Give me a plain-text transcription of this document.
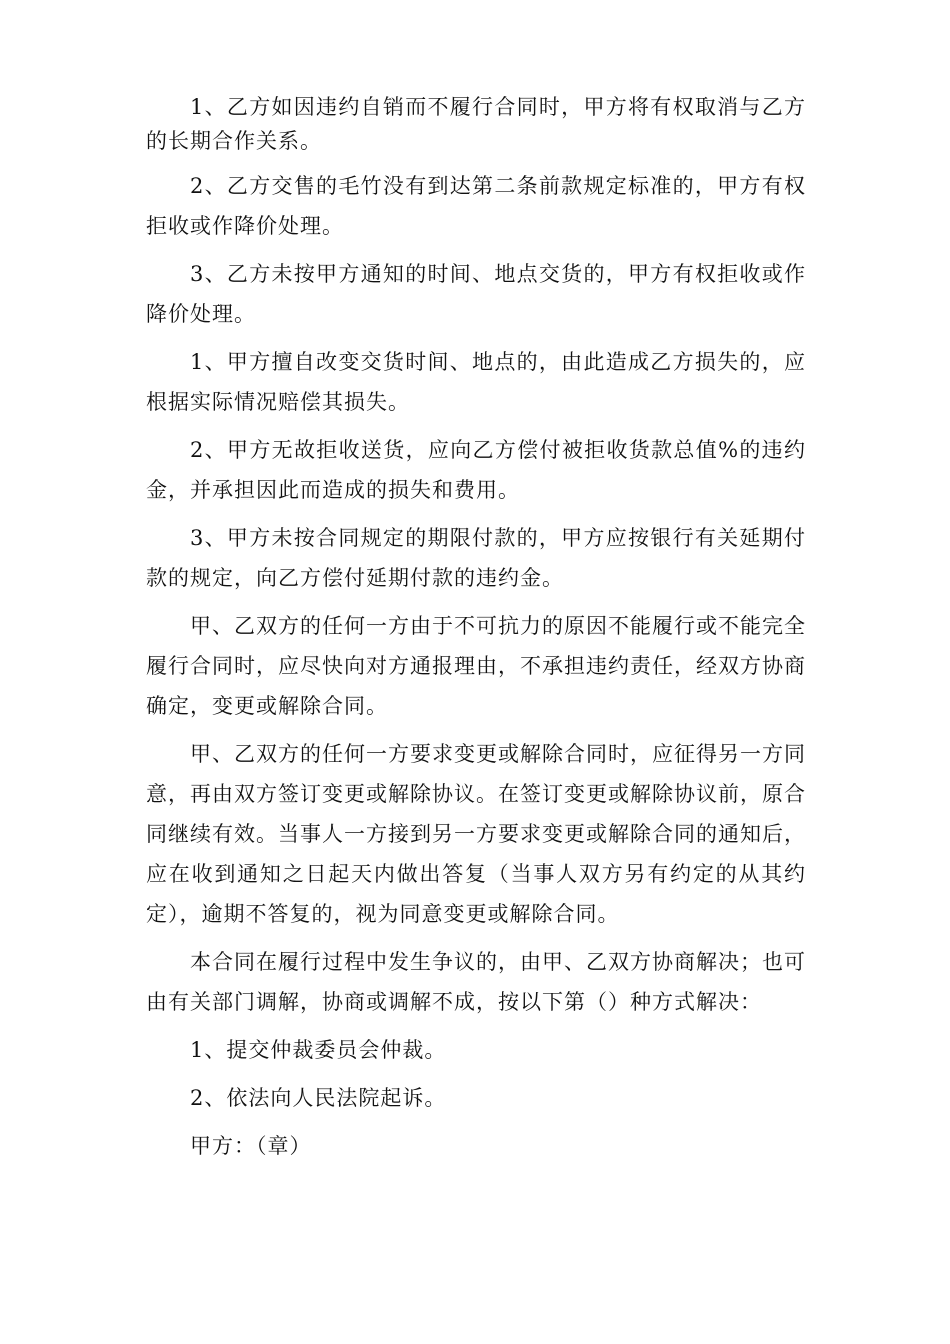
1、乙方如因违约自销而不履行合同时，甲方将有权取消与乙方的长期合作关系。

2、乙方交售的毛竹没有到达第二条前款规定标准的，甲方有权拒收或作降价处理。

3、乙方未按甲方通知的时间、地点交货的，甲方有权拒收或作降价处理。

1、甲方擅自改变交货时间、地点的，由此造成乙方损失的，应根据实际情况赔偿其损失。

2、甲方无故拒收送货，应向乙方偿付被拒收货款总值%的违约金，并承担因此而造成的损失和费用。

3、甲方未按合同规定的期限付款的，甲方应按银行有关延期付款的规定，向乙方偿付延期付款的违约金。

甲、乙双方的任何一方由于不可抗力的原因不能履行或不能完全履行合同时，应尽快向对方通报理由，不承担违约责任，经双方协商确定，变更或解除合同。

甲、乙双方的任何一方要求变更或解除合同时，应征得另一方同意，再由双方签订变更或解除协议。在签订变更或解除协议前，原合同继续有效。当事人一方接到另一方要求变更或解除合同的通知后，应在收到通知之日起天内做出答复（当事人双方另有约定的从其约定），逾期不答复的，视为同意变更或解除合同。

本合同在履行过程中发生争议的，由甲、乙双方协商解决；也可由有关部门调解，协商或调解不成，按以下第（）种方式解决：

1、提交仲裁委员会仲裁。

2、依法向人民法院起诉。

甲方：（章）
